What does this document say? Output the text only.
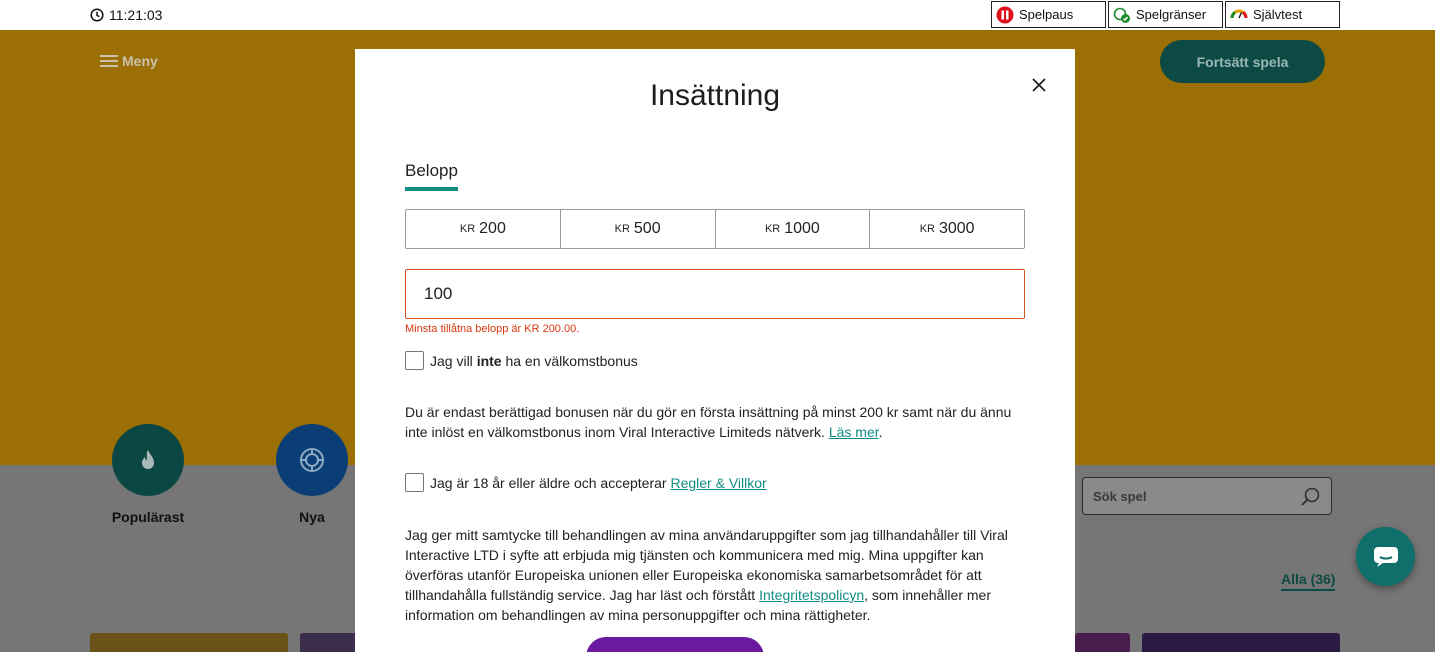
11:21:03	Spelpaus	Spelgränser	Självtest
Meny	Fortsätt spela
Populärast	Nya
Sök spel
Alla (36)
Insättning
Belopp
KR 200	KR 500	KR 1000	KR 3000
100
Minsta tillåtna belopp är KR 200.00.
Jag vill inte ha en välkomstbonus
Du är endast berättigad bonusen när du gör en första insättning på minst 200 kr samt när du ännu inte inlöst en välkomstbonus inom Viral Interactive Limiteds nätverk. Läs mer.
Jag är 18 år eller äldre och accepterar Regler & Villkor
Jag ger mitt samtycke till behandlingen av mina användaruppgifter som jag tillhandahåller till Viral Interactive LTD i syfte att erbjuda mig tjänsten och kommunicera med mig. Mina uppgifter kan överföras utanför Europeiska unionen eller Europeiska ekonomiska samarbetsområdet för att tillhandahålla fullständig service. Jag har läst och förstått Integritetspolicyn, som innehåller mer information om behandlingen av mina personuppgifter och mina rättigheter.
